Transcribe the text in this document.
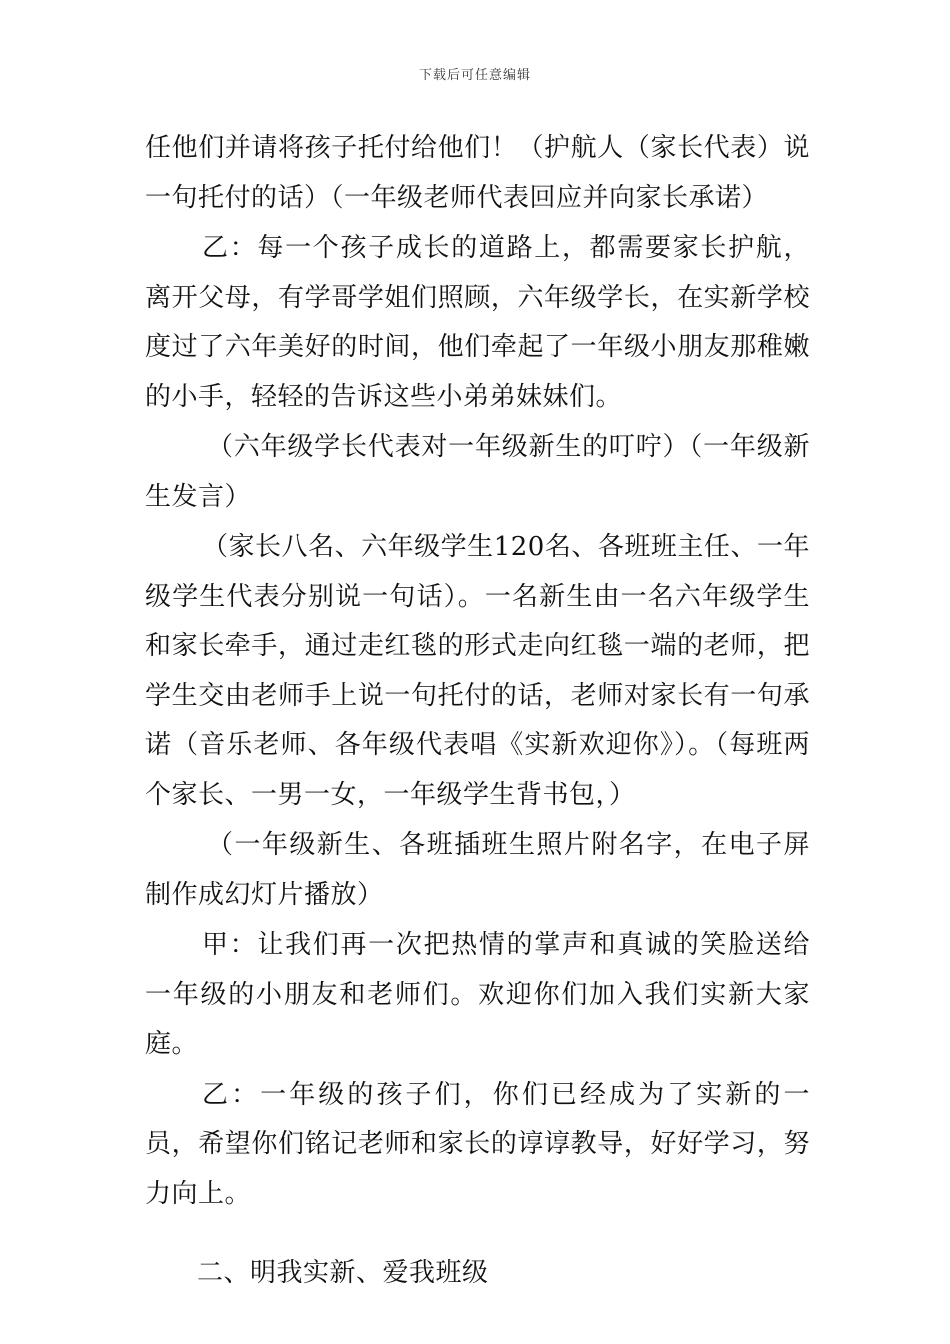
下载后可任意编辑

任他们并请将孩子托付给他们！（护航人（家长代表）说一句托付的话）（一年级老师代表回应并向家长承诺）

乙：每一个孩子成长的道路上，都需要家长护航，离开父母，有学哥学姐们照顾，六年级学长，在实新学校度过了六年美好的时间，他们牵起了一年级小朋友那稚嫩的小手，轻轻的告诉这些小弟弟妹妹们。

（六年级学长代表对一年级新生的叮咛）（一年级新生发言）

（家长八名、六年级学生120名、各班班主任、一年级学生代表分别说一句话）。一名新生由一名六年级学生和家长牵手，通过走红毯的形式走向红毯一端的老师，把学生交由老师手上说一句托付的话，老师对家长有一句承诺（音乐老师、各年级代表唱《实新欢迎你》）。（每班两个家长、一男一女，一年级学生背书包，）

（一年级新生、各班插班生照片附名字，在电子屏制作成幻灯片播放）

甲：让我们再一次把热情的掌声和真诚的笑脸送给一年级的小朋友和老师们。欢迎你们加入我们实新大家庭。

乙：一年级的孩子们，你们已经成为了实新的一员，希望你们铭记老师和家长的谆谆教导，好好学习，努力向上。

二、明我实新、爱我班级
